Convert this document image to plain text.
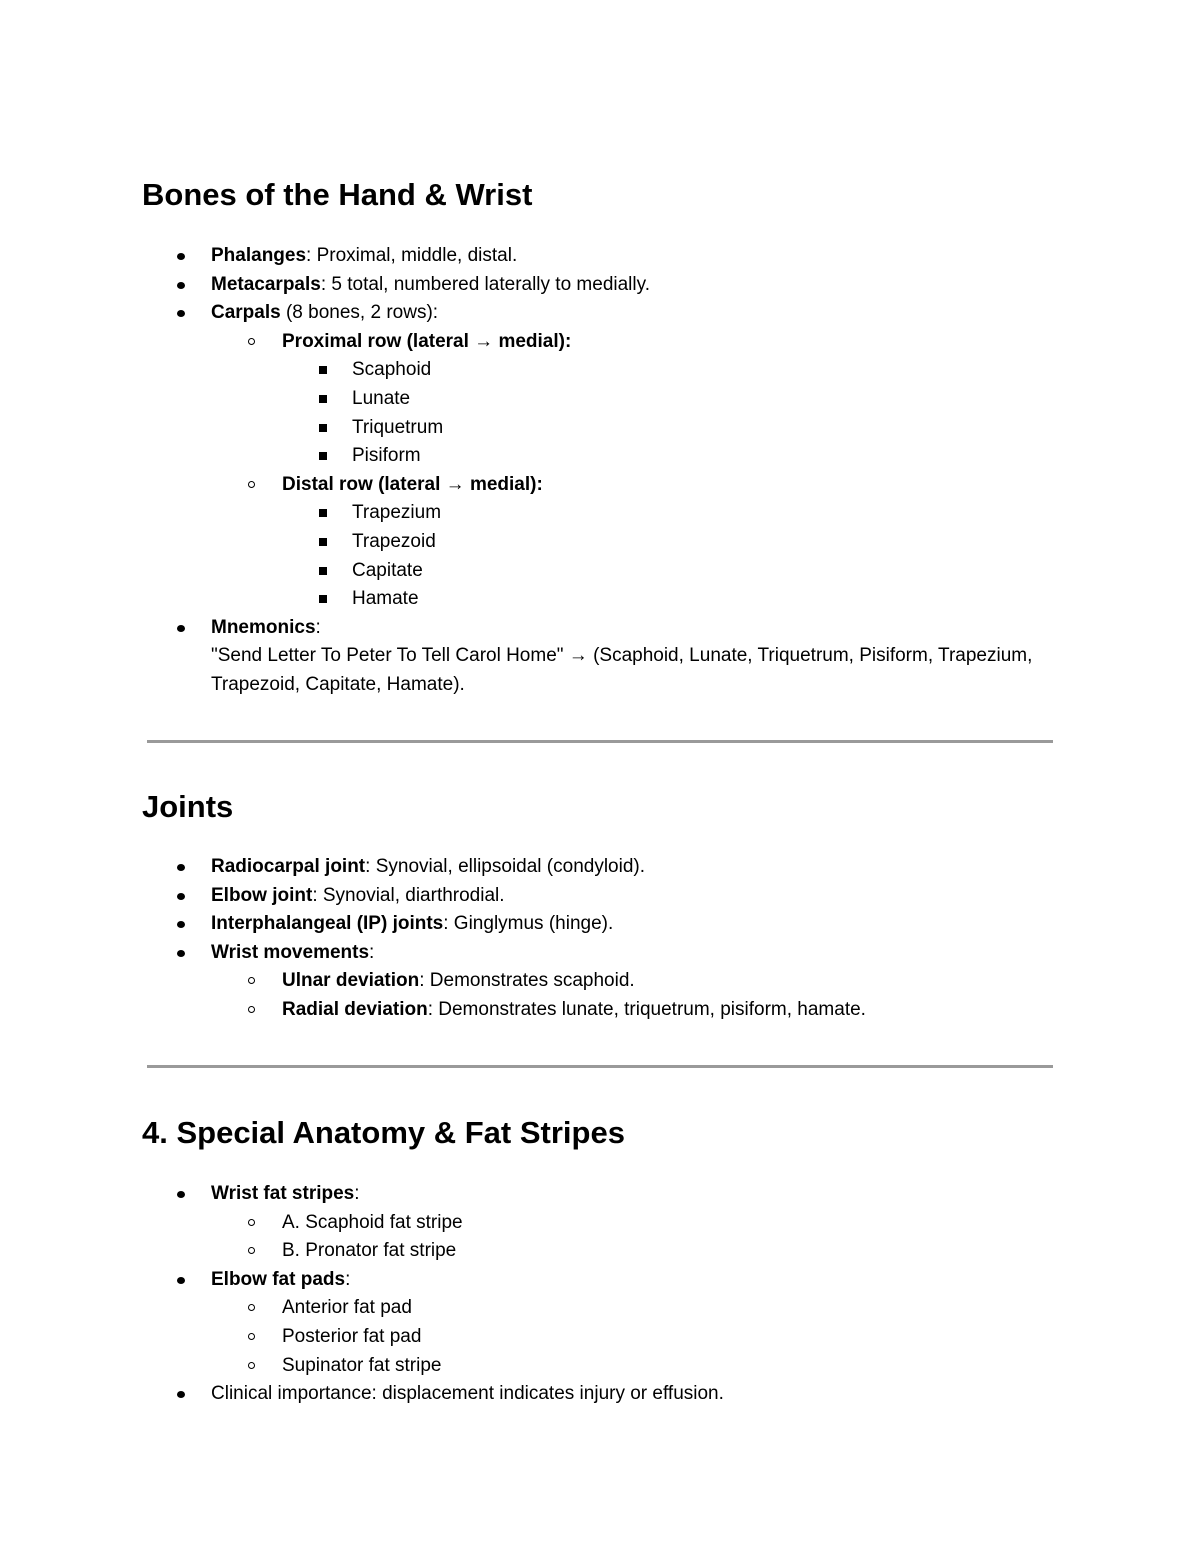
Bones of the Hand & Wrist
Phalanges: Proximal, middle, distal.
Metacarpals: 5 total, numbered laterally to medially.
Carpals (8 bones, 2 rows):
Proximal row (lateral → medial):
Scaphoid
Lunate
Triquetrum
Pisiform
Distal row (lateral → medial):
Trapezium
Trapezoid
Capitate
Hamate
Mnemonics:
"Send Letter To Peter To Tell Carol Home" → (Scaphoid, Lunate, Triquetrum, Pisiform, Trapezium, Trapezoid, Capitate, Hamate).
Joints
Radiocarpal joint: Synovial, ellipsoidal (condyloid).
Elbow joint: Synovial, diarthrodial.
Interphalangeal (IP) joints: Ginglymus (hinge).
Wrist movements:
Ulnar deviation: Demonstrates scaphoid.
Radial deviation: Demonstrates lunate, triquetrum, pisiform, hamate.
4. Special Anatomy & Fat Stripes
Wrist fat stripes:
A. Scaphoid fat stripe
B. Pronator fat stripe
Elbow fat pads:
Anterior fat pad
Posterior fat pad
Supinator fat stripe
Clinical importance: displacement indicates injury or effusion.
